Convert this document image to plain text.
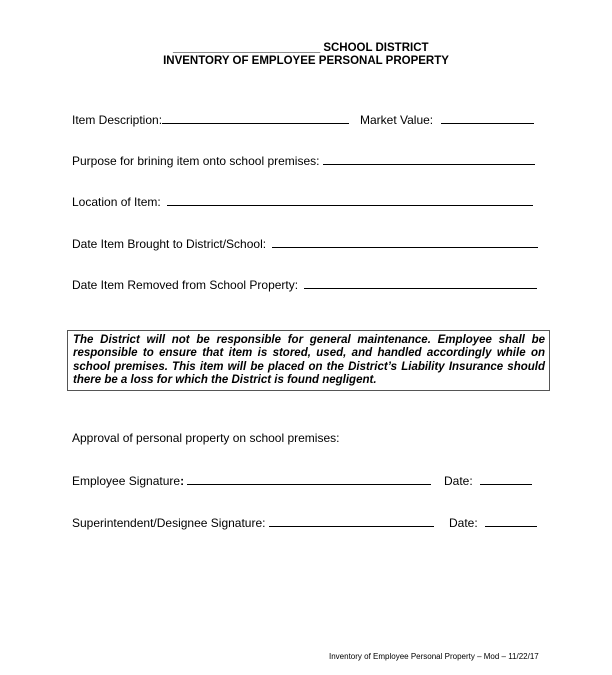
_______________________ SCHOOL DISTRICT
INVENTORY OF EMPLOYEE PERSONAL PROPERTY
Item Description:	Market Value:
Purpose for brining item onto school premises:
Location of Item:
Date Item Brought to District/School:
Date Item Removed from School Property:
The District will not be responsible for general maintenance. Employee shall be responsible to ensure that item is stored, used, and handled accordingly while on school premises. This item will be placed on the District’s Liability Insurance should there be a loss for which the District is found negligent.
Approval of personal property on school premises:
Employee Signature:	Date:
Superintendent/Designee Signature:	Date:
Inventory of Employee Personal Property – Mod – 11/22/17
